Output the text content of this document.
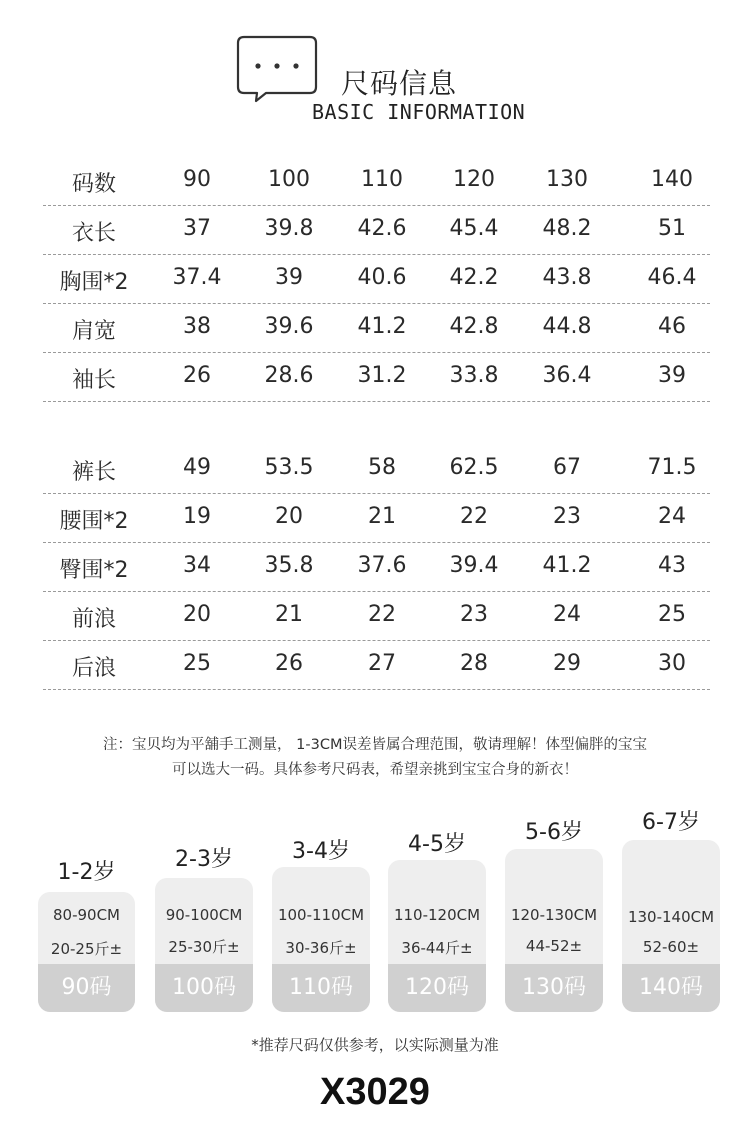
尺码信息
BASIC INFORMATION
码数	90	100 110 120 130	140
衣长	37 39.8 42.6 45.4 48.2	51
胸围*2 37.4 39 40.6 42.2 43.8	46.4
肩宽	38 39.6 41.2 42.8 44.8	46
袖长	26 28.6 31.2 33.8 36.4	39
裤长	49 53.5 58 62.5 67	71.5
腰围*2 19	20	21	22	23	24
臀围*2 34 35.8 37.6 39.4 41.2	43
前浪	20	21	22	23	24	25
后浪	25	26	27	28	29	30
注：宝贝均为平舖手工测量， 1-3CM误差皆属合理范围，敬请理解！体型偏胖的宝宝
可以选大一码。具体参考尺码表，希望亲挑到宝宝合身的新衣！
1-2岁
80-90CM
20-25斤±
90码
2-3岁
90-100CM
25-30斤±
100码
3-4岁
100-110CM
30-36斤±
110码
4-5岁
110-120CM
36-44斤±
120码
5-6岁
120-130CM
44-52±
130码
6-7岁
130-140CM
52-60±
140码
*推荐尺码仅供参考，以实际测量为准
X3029
